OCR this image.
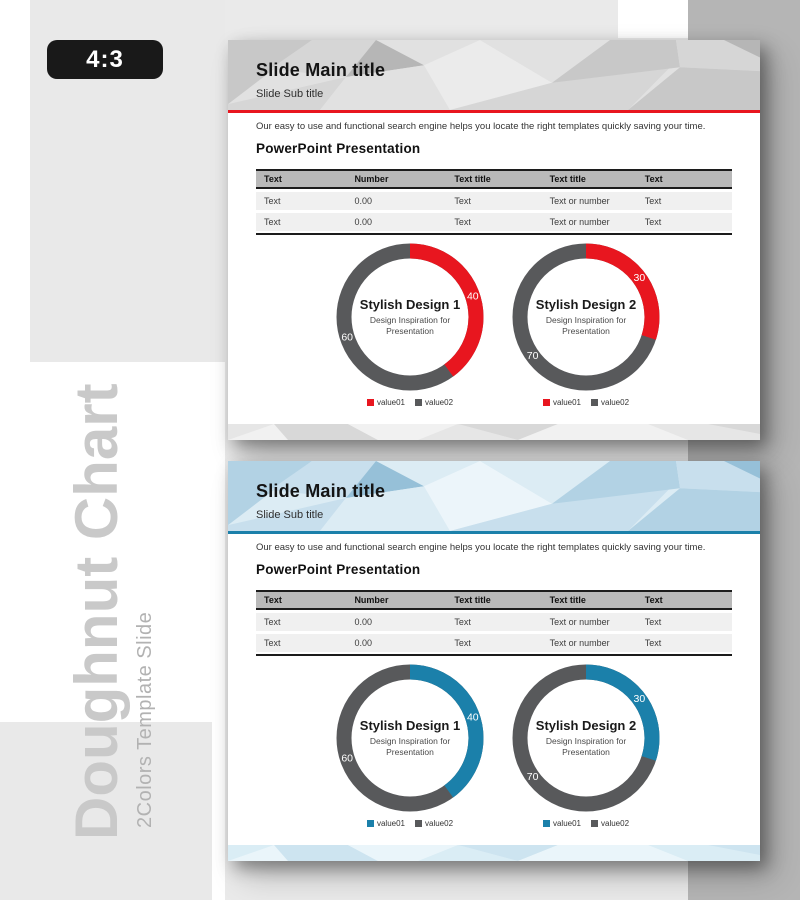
4:3
Doughnut Chart 2Colors Template Slide
Slide Main title
Slide Sub title

Our easy to use and functional search engine helps you locate the right templates quickly saving your time.

PowerPoint Presentation
Text	Number	Text title	Text title	Text
Text	0.00	Text	Text or number	Text
Text	0.00	Text	Text or number	Text
40
60
Stylish Design 1
Design Inspiration for Presentation
value01	value02
30
70
Stylish Design 2
Design Inspiration for Presentation
value01	value02
Slide Main title
Slide Sub title

Our easy to use and functional search engine helps you locate the right templates quickly saving your time.

PowerPoint Presentation
Text	Number	Text title	Text title	Text
Text	0.00	Text	Text or number	Text
Text	0.00	Text	Text or number	Text
40
60
Stylish Design 1
Design Inspiration for Presentation
value01	value02
30
70
Stylish Design 2
Design Inspiration for Presentation
value01	value02
